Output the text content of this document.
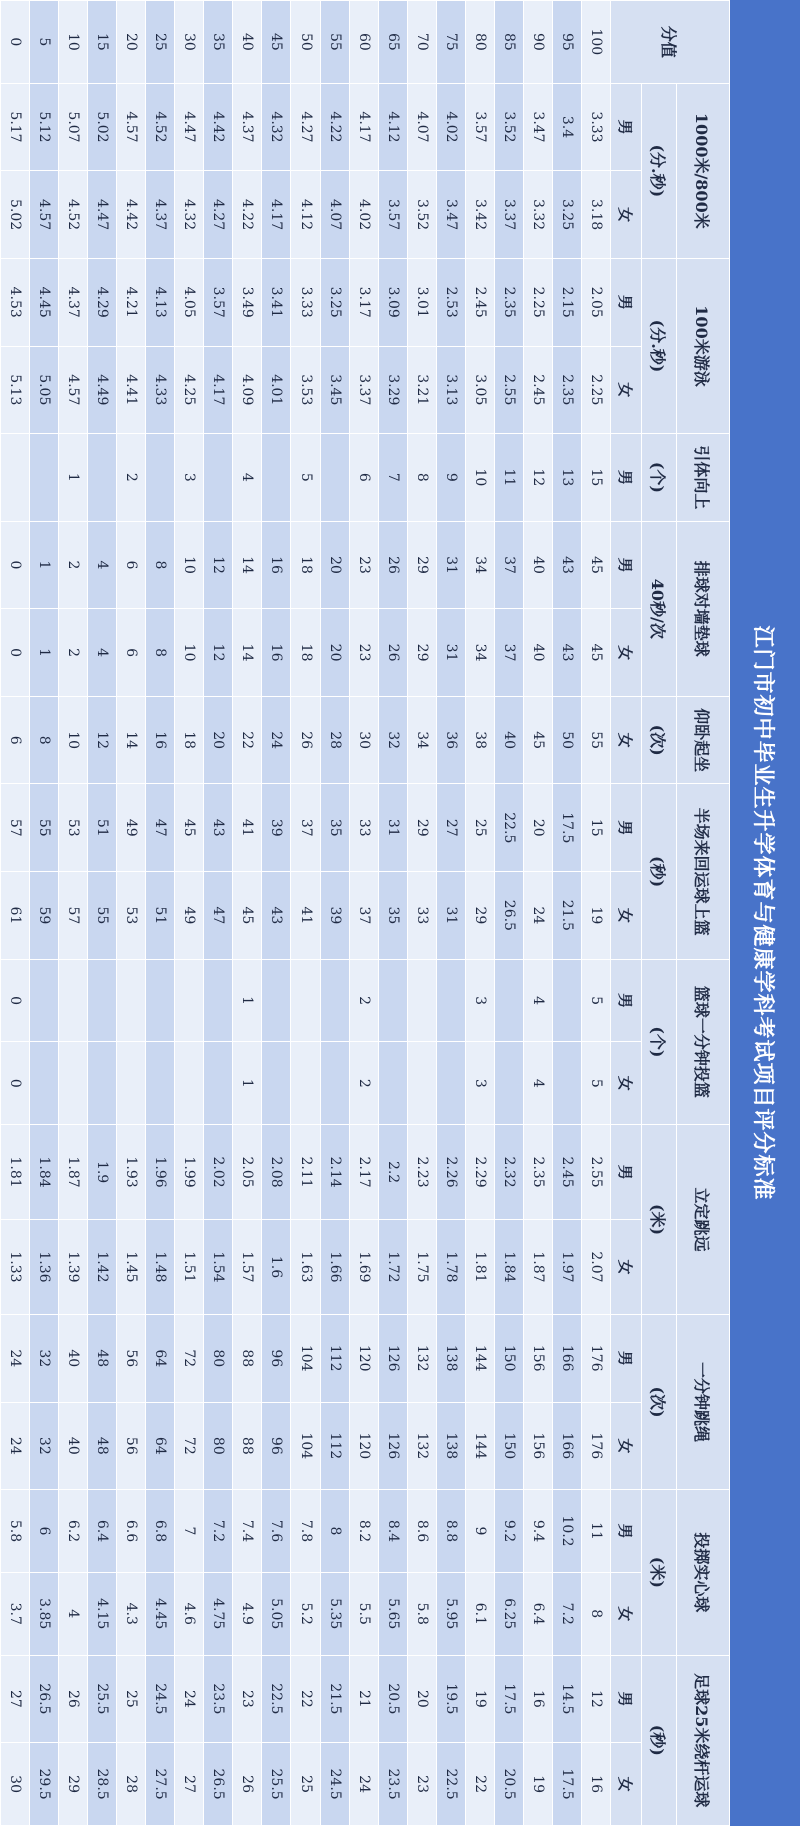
江门市初中毕业生升学体育与健康学科考试项目评分标准
分值	1000米/800米		100米游泳		引体向上	排球对墙垫球		仰卧起坐	半场来回运球上篮		篮球一分钟投篮		立定跳远		一分钟跳绳		投掷实心球		足球25米绕杆运球	
	(分.秒)		(分.秒)		(个)	40秒/次		(次)	(秒)		(个)		(米)		(次)		(米)		(秒)	
	男	女	男	女	男	男	女	女	男	女	男	女	男	女	男	女	男	女	男	女
100	3.33	3.18	2.05	2.25	15	45	45	55	15	19	5	5	2.55	2.07	176	176	11	8	12	16
95	3.4	3.25	2.15	2.35	13	43	43	50	17.5	21.5			2.45	1.97	166	166	10.2	7.2	14.5	17.5
90	3.47	3.32	2.25	2.45	12	40	40	45	20	24	4	4	2.35	1.87	156	156	9.4	6.4	16	19
85	3.52	3.37	2.35	2.55	11	37	37	40	22.5	26.5			2.32	1.84	150	150	9.2	6.25	17.5	20.5
80	3.57	3.42	2.45	3.05	10	34	34	38	25	29	3	3	2.29	1.81	144	144	9	6.1	19	22
75	4.02	3.47	2.53	3.13	9	31	31	36	27	31			2.26	1.78	138	138	8.8	5.95	19.5	22.5
70	4.07	3.52	3.01	3.21	8	29	29	34	29	33			2.23	1.75	132	132	8.6	5.8	20	23
65	4.12	3.57	3.09	3.29	7	26	26	32	31	35			2.2	1.72	126	126	8.4	5.65	20.5	23.5
60	4.17	4.02	3.17	3.37	6	23	23	30	33	37	2	2	2.17	1.69	120	120	8.2	5.5	21	24
55	4.22	4.07	3.25	3.45		20	20	28	35	39			2.14	1.66	112	112	8	5.35	21.5	24.5
50	4.27	4.12	3.33	3.53	5	18	18	26	37	41			2.11	1.63	104	104	7.8	5.2	22	25
45	4.32	4.17	3.41	4.01		16	16	24	39	43			2.08	1.6	96	96	7.6	5.05	22.5	25.5
40	4.37	4.22	3.49	4.09	4	14	14	22	41	45	1	1	2.05	1.57	88	88	7.4	4.9	23	26
35	4.42	4.27	3.57	4.17		12	12	20	43	47			2.02	1.54	80	80	7.2	4.75	23.5	26.5
30	4.47	4.32	4.05	4.25	3	10	10	18	45	49			1.99	1.51	72	72	7	4.6	24	27
25	4.52	4.37	4.13	4.33		8	8	16	47	51			1.96	1.48	64	64	6.8	4.45	24.5	27.5
20	4.57	4.42	4.21	4.41	2	6	6	14	49	53			1.93	1.45	56	56	6.6	4.3	25	28
15	5.02	4.47	4.29	4.49		4	4	12	51	55			1.9	1.42	48	48	6.4	4.15	25.5	28.5
10	5.07	4.52	4.37	4.57	1	2	2	10	53	57			1.87	1.39	40	40	6.2	4	26	29
5	5.12	4.57	4.45	5.05		1	1	8	55	59			1.84	1.36	32	32	6	3.85	26.5	29.5
0	5.17	5.02	4.53	5.13		0	0	6	57	61	0	0	1.81	1.33	24	24	5.8	3.7	27	30
